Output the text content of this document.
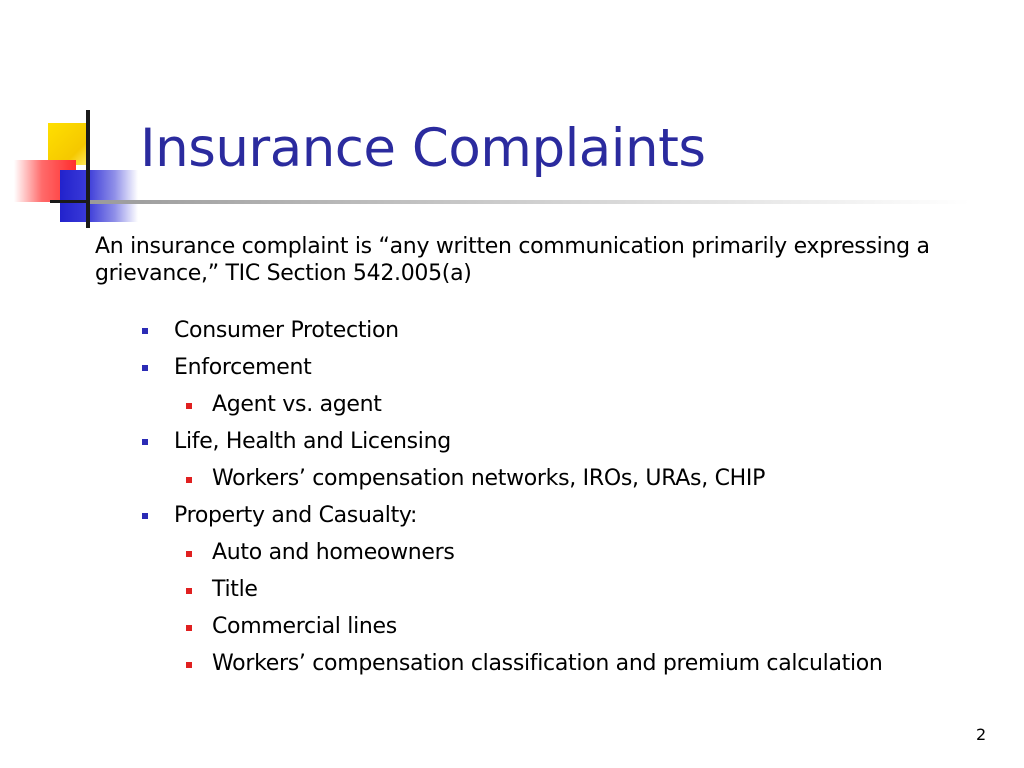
Insurance Complaints

An insurance complaint is “any written communication primarily expressing a grievance,” TIC Section 542.005(a)

Consumer Protection
Enforcement
Agent vs. agent
Life, Health and Licensing
Workers’ compensation networks, IROs, URAs, CHIP
Property and Casualty:
Auto and homeowners
Title
Commercial lines
Workers’ compensation classification and premium calculation
2
